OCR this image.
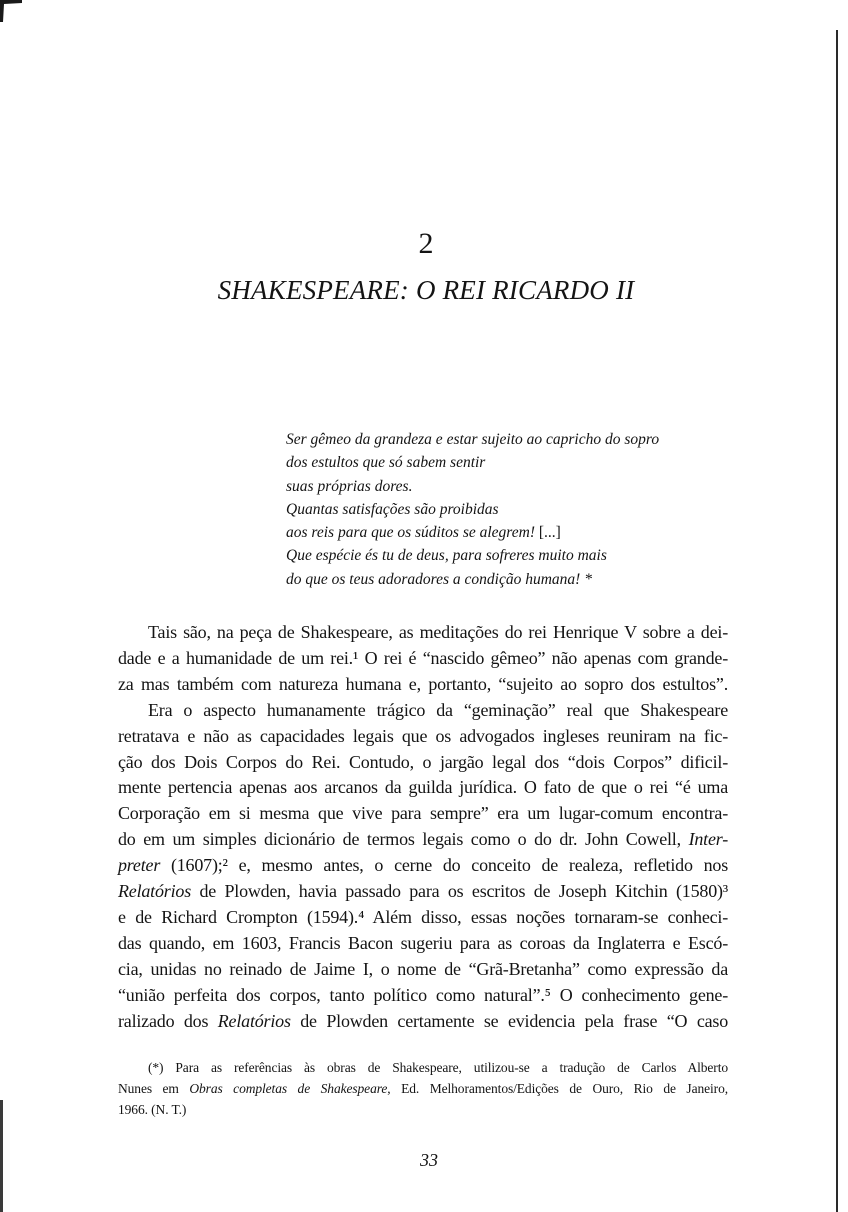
2
SHAKESPEARE: O REI RICARDO II
Ser gêmeo da grandeza e estar sujeito ao capricho do sopro
dos estultos que só sabem sentir
suas próprias dores.
Quantas satisfações são proibidas
aos reis para que os súditos se alegrem! [...]
Que espécie és tu de deus, para sofreres muito mais
do que os teus adoradores a condição humana! *
Tais são, na peça de Shakespeare, as meditações do rei Henrique V sobre a dei-
dade e a humanidade de um rei.¹ O rei é “nascido gêmeo” não apenas com grande-
za mas também com natureza humana e, portanto, “sujeito ao sopro dos estultos”.
Era o aspecto humanamente trágico da “geminação” real que Shakespeare
retratava e não as capacidades legais que os advogados ingleses reuniram na fic-
ção dos Dois Corpos do Rei. Contudo, o jargão legal dos “dois Corpos” dificil-
mente pertencia apenas aos arcanos da guilda jurídica. O fato de que o rei “é uma
Corporação em si mesma que vive para sempre” era um lugar-comum encontra-
do em um simples dicionário de termos legais como o do dr. John Cowell, Inter-
preter (1607);² e, mesmo antes, o cerne do conceito de realeza, refletido nos
Relatórios de Plowden, havia passado para os escritos de Joseph Kitchin (1580)³
e de Richard Crompton (1594).⁴ Além disso, essas noções tornaram-se conheci-
das quando, em 1603, Francis Bacon sugeriu para as coroas da Inglaterra e Escó-
cia, unidas no reinado de Jaime I, o nome de “Grã-Bretanha” como expressão da
“união perfeita dos corpos, tanto político como natural”.⁵ O conhecimento gene-
ralizado dos Relatórios de Plowden certamente se evidencia pela frase “O caso
(*) Para as referências às obras de Shakespeare, utilizou-se a tradução de Carlos Alberto
Nunes em Obras completas de Shakespeare, Ed. Melhoramentos/Edições de Ouro, Rio de Janeiro,
1966. (N. T.)
33
